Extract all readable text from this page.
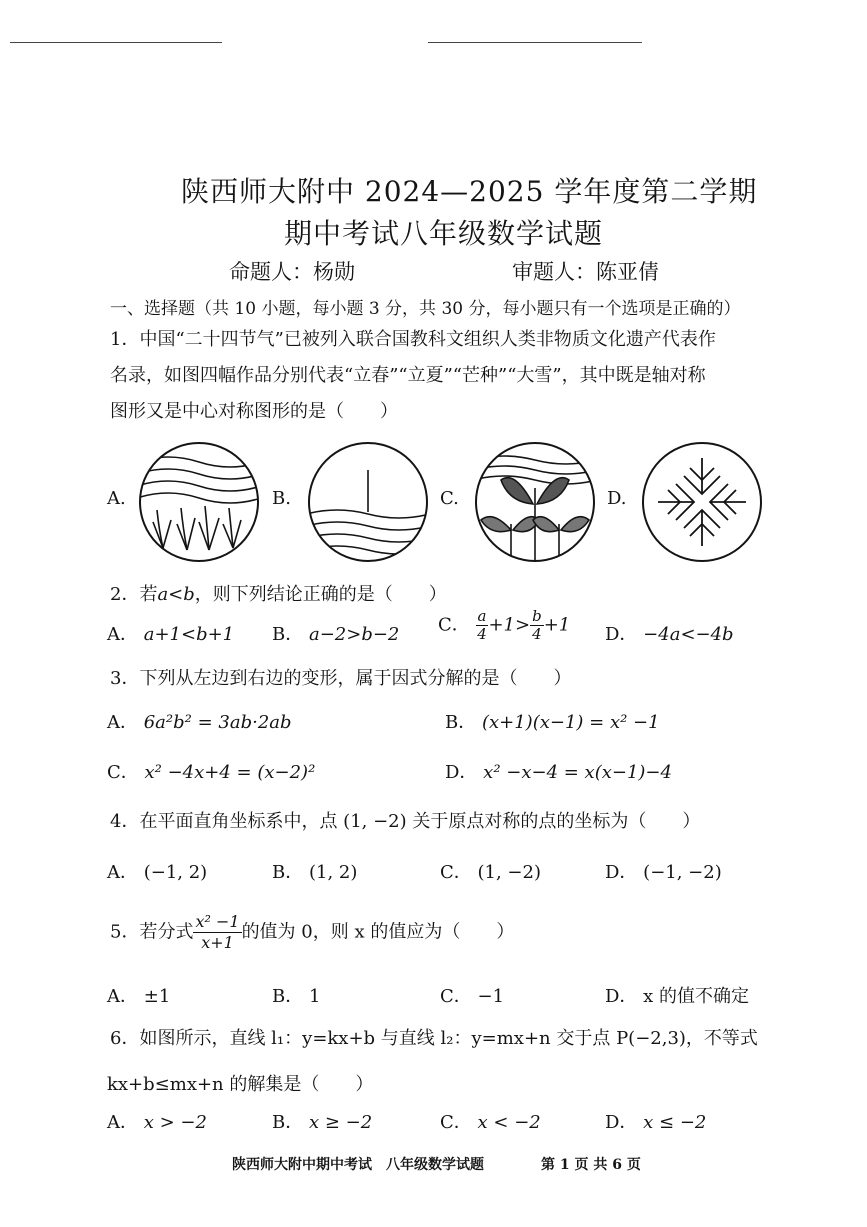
陕西师大附中 2024—2025 学年度第二学期
期中考试八年级数学试题
命题人：杨勋	审题人：陈亚倩
一、选择题（共 10 小题，每小题 3 分，共 30 分，每小题只有一个选项是正确的）
1．中国“二十四节气”已被列入联合国教科文组织人类非物质文化遗产代表作
名录，如图四幅作品分别代表“立春”“立夏”“芒种”“大雪”，其中既是轴对称
图形又是中心对称图形的是（　　）
A.	B.	C.	D.
2．若a<b，则下列结论正确的是（　　）
A． a+1<b+1 B． a−2>b−2 C． $\frac{a}{4} +1> \frac{b}{4} +1$ D． −4a<−4b
3．下列从左边到右边的变形，属于因式分解的是（　　）
A． 6a²b² = 3ab·2ab	B． (x+1)(x−1) = x² −1
C． x² −4x+4 = (x−2)²	D． x² −x−4 = x(x−1)−4
4．在平面直角坐标系中，点 (1, −2) 关于原点对称的点的坐标为（　　）
A． (−1, 2)	B． (1, 2)	C． (1, −2)	D． (−1, −2)
5．若分式 $\frac{\text{x² −1}}{x+1}$ 的值为 0，则 x 的值应为（　　）
A． ±1	B． 1	C． −1	D． x 的值不确定
6．如图所示，直线 l₁：y=kx+b 与直线 l₂：y=mx+n 交于点 P(−2,3)，不等式
kx+b≤mx+n 的解集是（　　）
A． x > −2	B． x ≥ −2	C． x < −2	D． x ≤ −2
陕西师大附中期中考试　八年级数学试题	第 1 页 共 6 页
